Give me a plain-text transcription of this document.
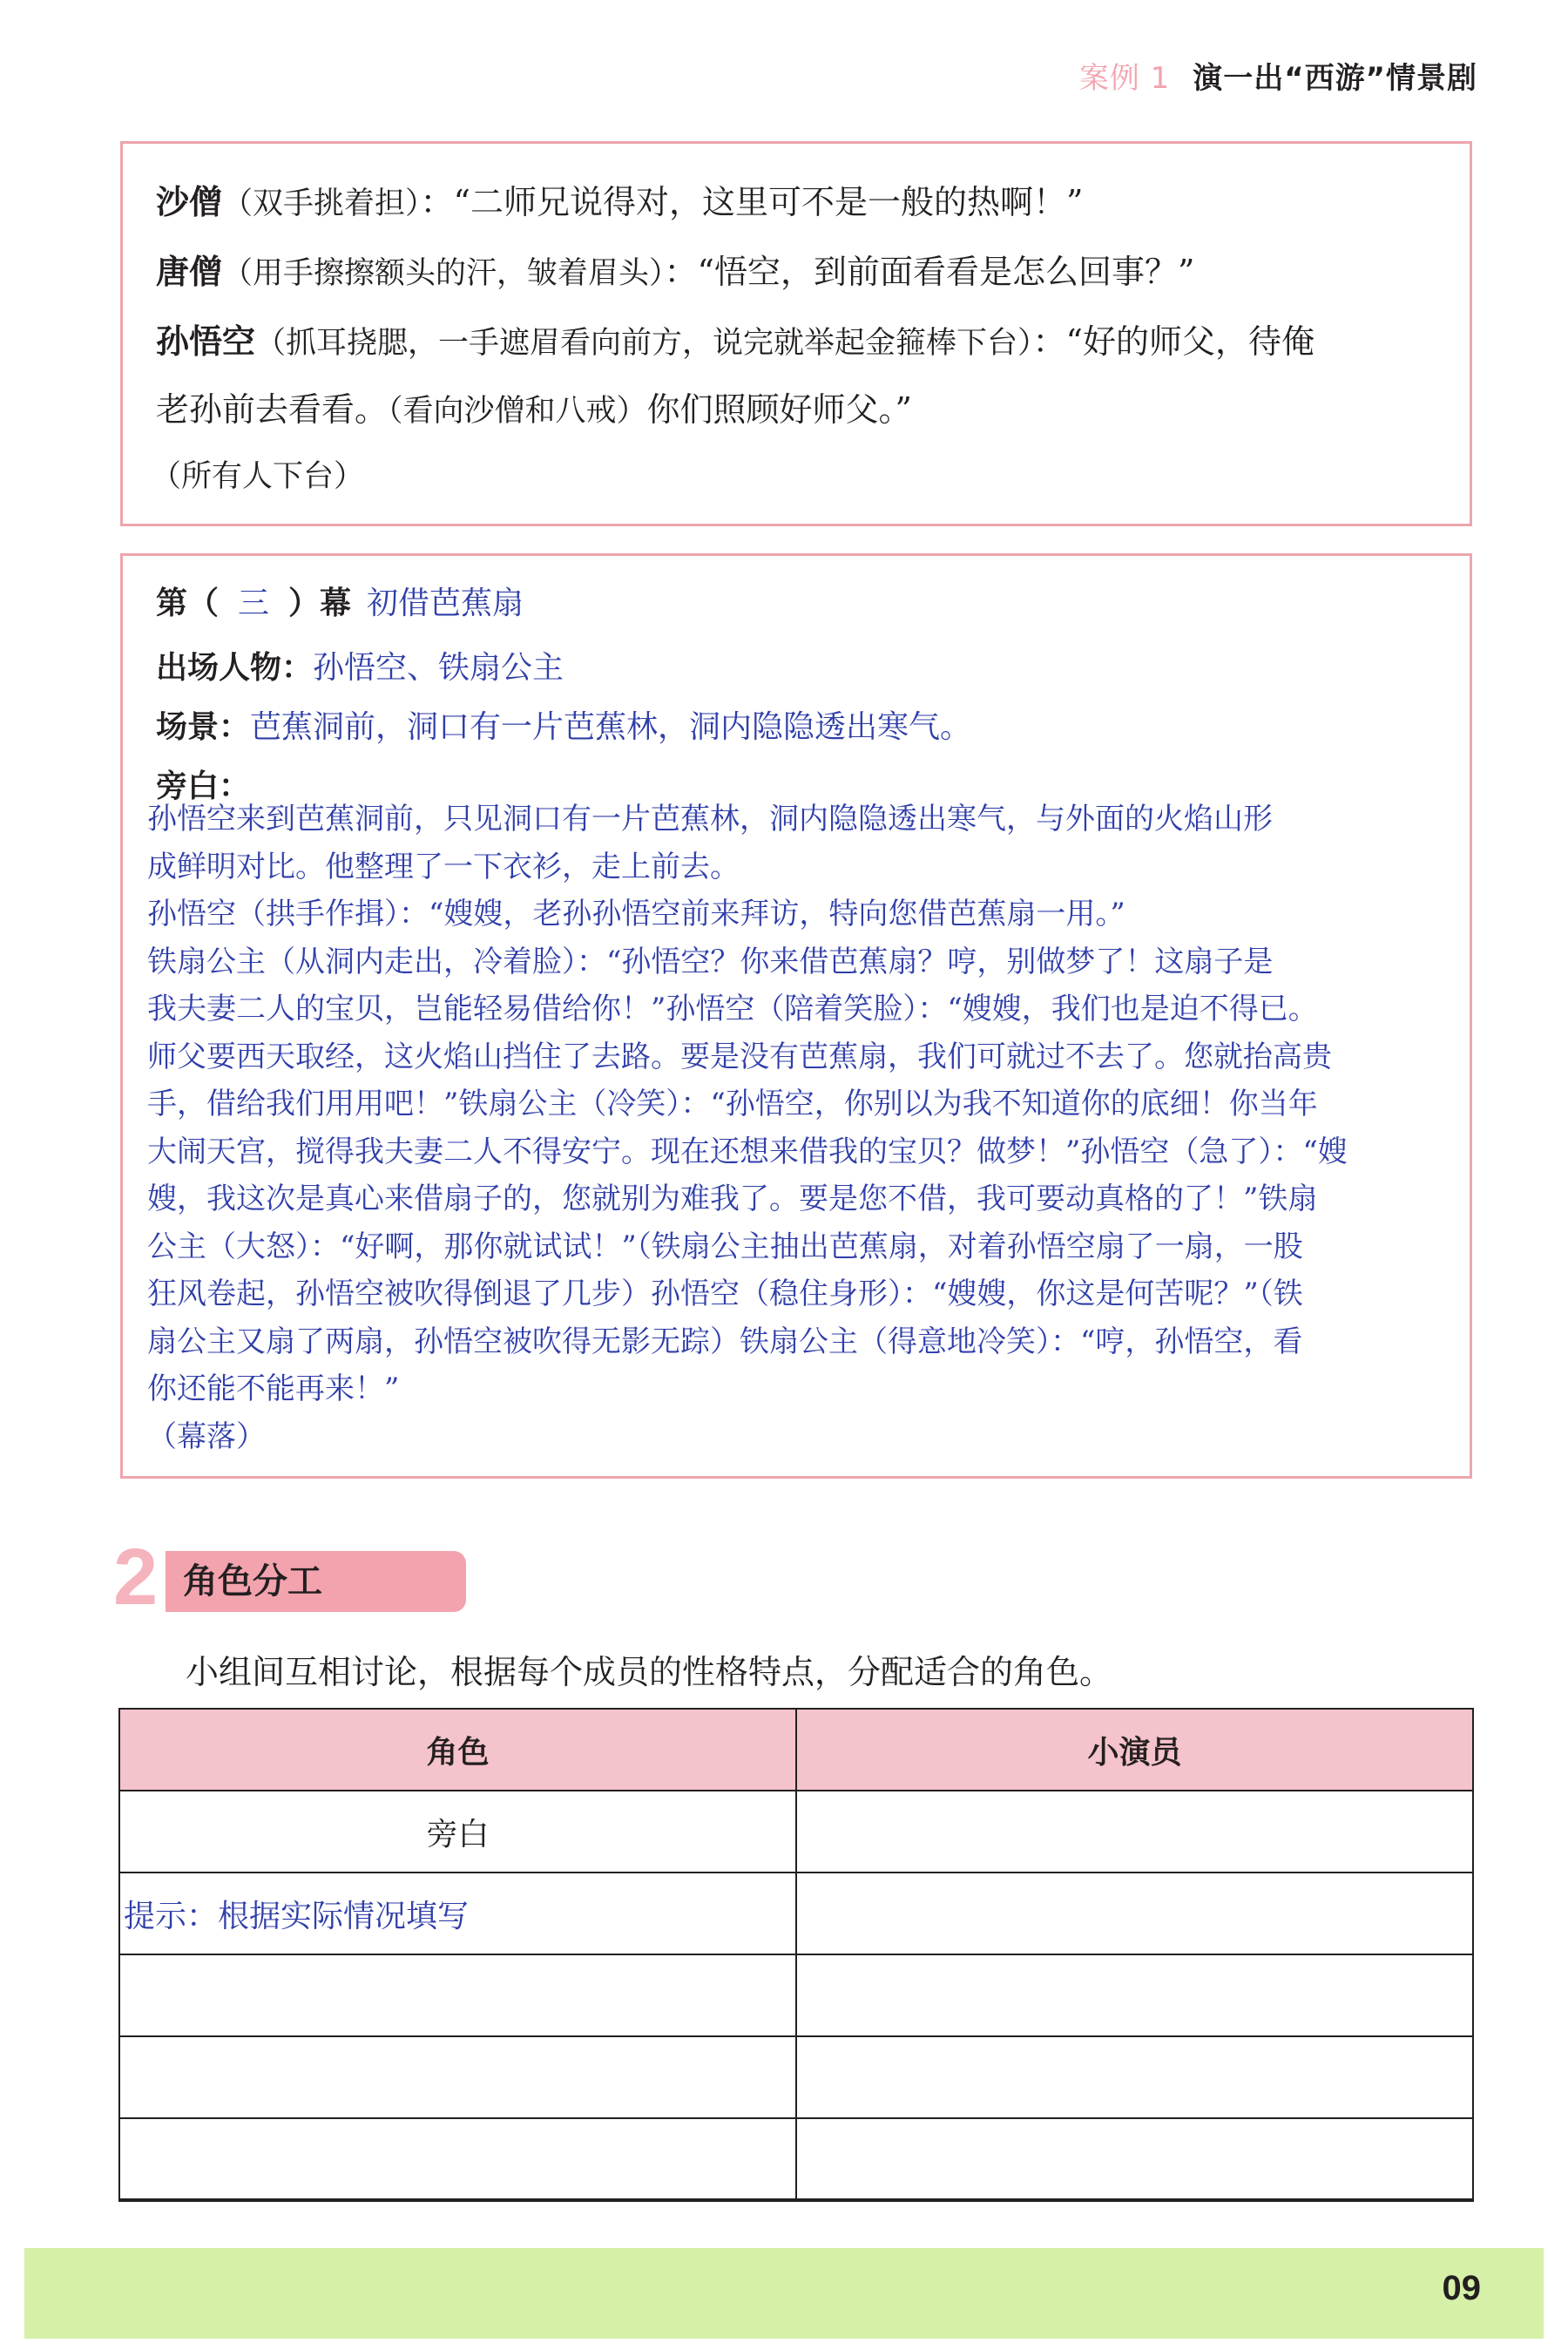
案例 1 演一出“西游”情景剧
沙僧（双手挑着担）：“二师兄说得对，这里可不是一般的热啊！”
唐僧（用手擦擦额头的汗，皱着眉头）：“悟空，到前面看看是怎么回事？”
孙悟空（抓耳挠腮，一手遮眉看向前方，说完就举起金箍棒下台）：“好的师父，待俺
老孙前去看看。（看向沙僧和八戒）你们照顾好师父。”
（所有人下台）
第（ 三 ）幕 初借芭蕉扇
出场人物：孙悟空、铁扇公主
场景：芭蕉洞前，洞口有一片芭蕉林，洞内隐隐透出寒气。
旁白：

孙悟空来到芭蕉洞前，只见洞口有一片芭蕉林，洞内隐隐透出寒气，与外面的火焰山形

成鲜明对比。他整理了一下衣衫，走上前去。

孙悟空（拱手作揖）：“嫂嫂，老孙孙悟空前来拜访，特向您借芭蕉扇一用。”

铁扇公主（从洞内走出，冷着脸）：“孙悟空？你来借芭蕉扇？哼，别做梦了！这扇子是

我夫妻二人的宝贝，岂能轻易借给你！”孙悟空（陪着笑脸）：“嫂嫂，我们也是迫不得已。

师父要西天取经，这火焰山挡住了去路。要是没有芭蕉扇，我们可就过不去了。您就抬高贵

手，借给我们用用吧！”铁扇公主（冷笑）：“孙悟空，你别以为我不知道你的底细！你当年

大闹天宫，搅得我夫妻二人不得安宁。现在还想来借我的宝贝？做梦！”孙悟空（急了）：“嫂

嫂，我这次是真心来借扇子的，您就别为难我了。要是您不借，我可要动真格的了！”铁扇

公主（大怒）：“好啊，那你就试试！”（铁扇公主抽出芭蕉扇，对着孙悟空扇了一扇，一股

狂风卷起，孙悟空被吹得倒退了几步）孙悟空（稳住身形）：“嫂嫂，你这是何苦呢？”（铁

扇公主又扇了两扇，孙悟空被吹得无影无踪）铁扇公主（得意地冷笑）：“哼，孙悟空，看

你还能不能再来！”

（幕落）

2 角色分工
小组间互相讨论，根据每个成员的性格特点，分配适合的角色。
角色	小演员
旁白	
提示：根据实际情况填写	

09
